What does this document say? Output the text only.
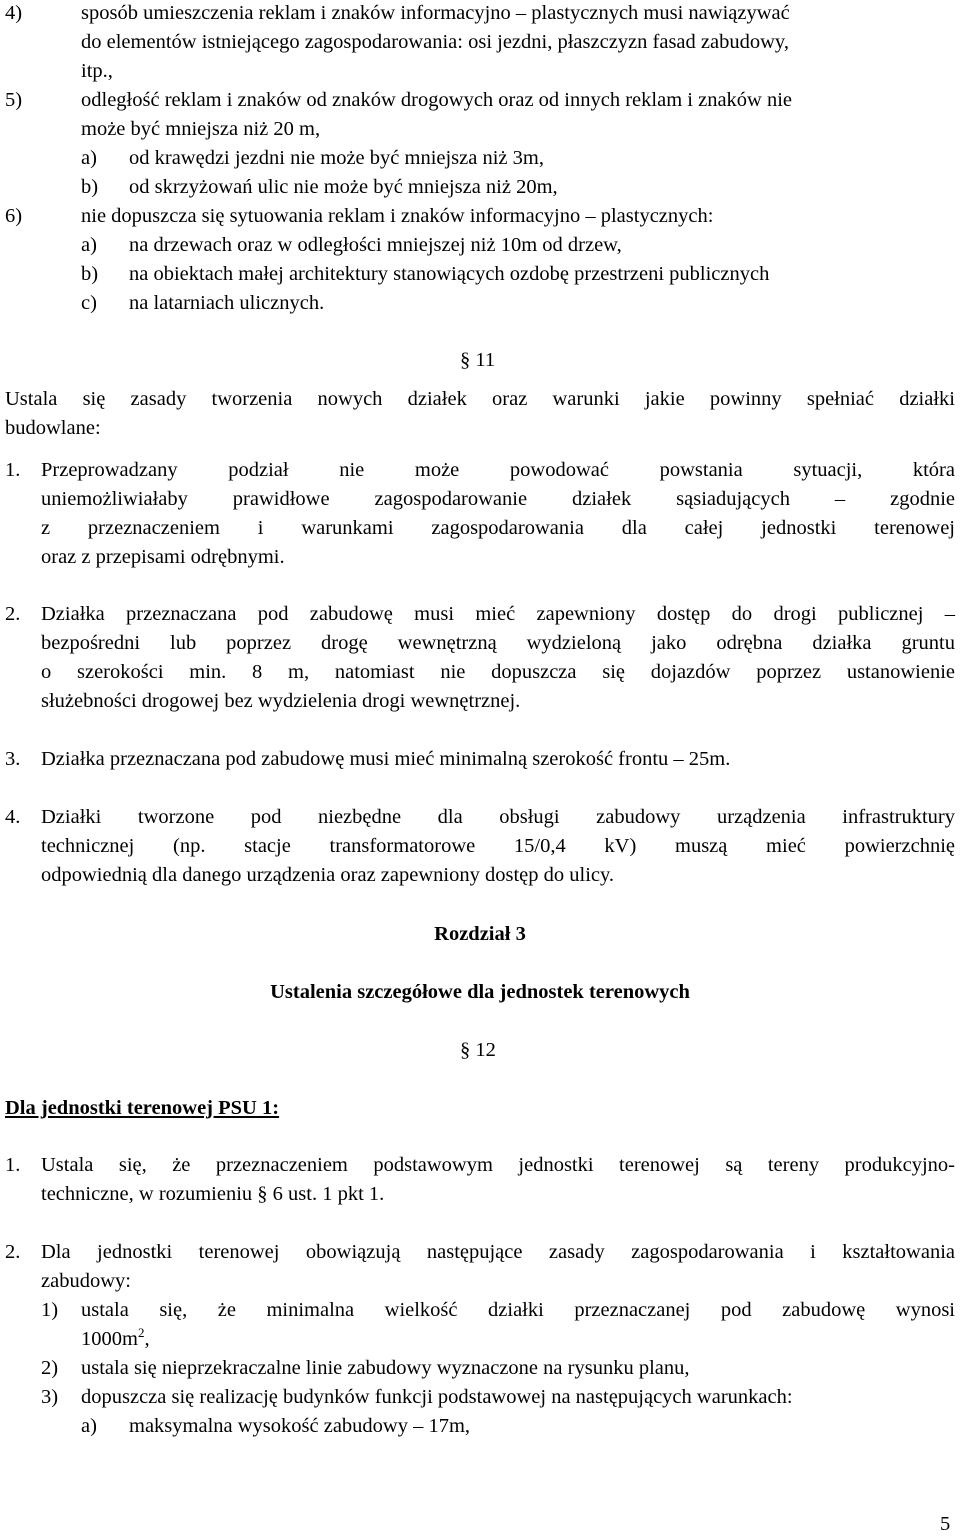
4)	sposób umieszczenia reklam i znaków informacyjno – plastycznych musi nawiązywać
do elementów istniejącego zagospodarowania: osi jezdni, płaszczyzn fasad zabudowy,
itp.,
5)	odległość reklam i znaków od znaków drogowych oraz od innych reklam i znaków nie
może być mniejsza niż 20 m,
a) od krawędzi jezdni nie może być mniejsza niż 3m,
b) od skrzyżowań ulic nie może być mniejsza niż 20m,
6)	nie dopuszcza się sytuowania reklam i znaków informacyjno – plastycznych:
a) na drzewach oraz w odległości mniejszej niż 10m od drzew,
b) na obiektach małej architektury stanowiących ozdobę przestrzeni publicznych
c) na latarniach ulicznych.
§ 11
Ustala się zasady tworzenia nowych działek oraz warunki jakie powinny spełniać działki
budowlane:
1. Przeprowadzany podział nie może powodować powstania sytuacji, która
uniemożliwiałaby prawidłowe zagospodarowanie działek sąsiadujących – zgodnie
z przeznaczeniem i warunkami zagospodarowania dla całej jednostki terenowej
oraz z przepisami odrębnymi.
2. Działka przeznaczana pod zabudowę musi mieć zapewniony dostęp do drogi publicznej –
bezpośredni lub poprzez drogę wewnętrzną wydzieloną jako odrębna działka gruntu
o szerokości min. 8 m, natomiast nie dopuszcza się dojazdów poprzez ustanowienie
służebności drogowej bez wydzielenia drogi wewnętrznej.
3. Działka przeznaczana pod zabudowę musi mieć minimalną szerokość frontu – 25m.
4. Działki tworzone pod niezbędne dla obsługi zabudowy urządzenia infrastruktury
technicznej (np. stacje transformatorowe 15/0,4 kV) muszą mieć powierzchnię
odpowiednią dla danego urządzenia oraz zapewniony dostęp do ulicy.
Rozdział 3
Ustalenia szczegółowe dla jednostek terenowych
§ 12
Dla jednostki terenowej PSU 1:
1. Ustala się, że przeznaczeniem podstawowym jednostki terenowej są tereny produkcyjno-
techniczne, w rozumieniu § 6 ust. 1 pkt 1.
2. Dla jednostki terenowej obowiązują następujące zasady zagospodarowania i kształtowania
zabudowy:
1) ustala się, że minimalna wielkość działki przeznaczanej pod zabudowę wynosi
$1000m^2$,
2) ustala się nieprzekraczalne linie zabudowy wyznaczone na rysunku planu,
3) dopuszcza się realizację budynków funkcji podstawowej na następujących warunkach:
a) maksymalna wysokość zabudowy – 17m,
5
